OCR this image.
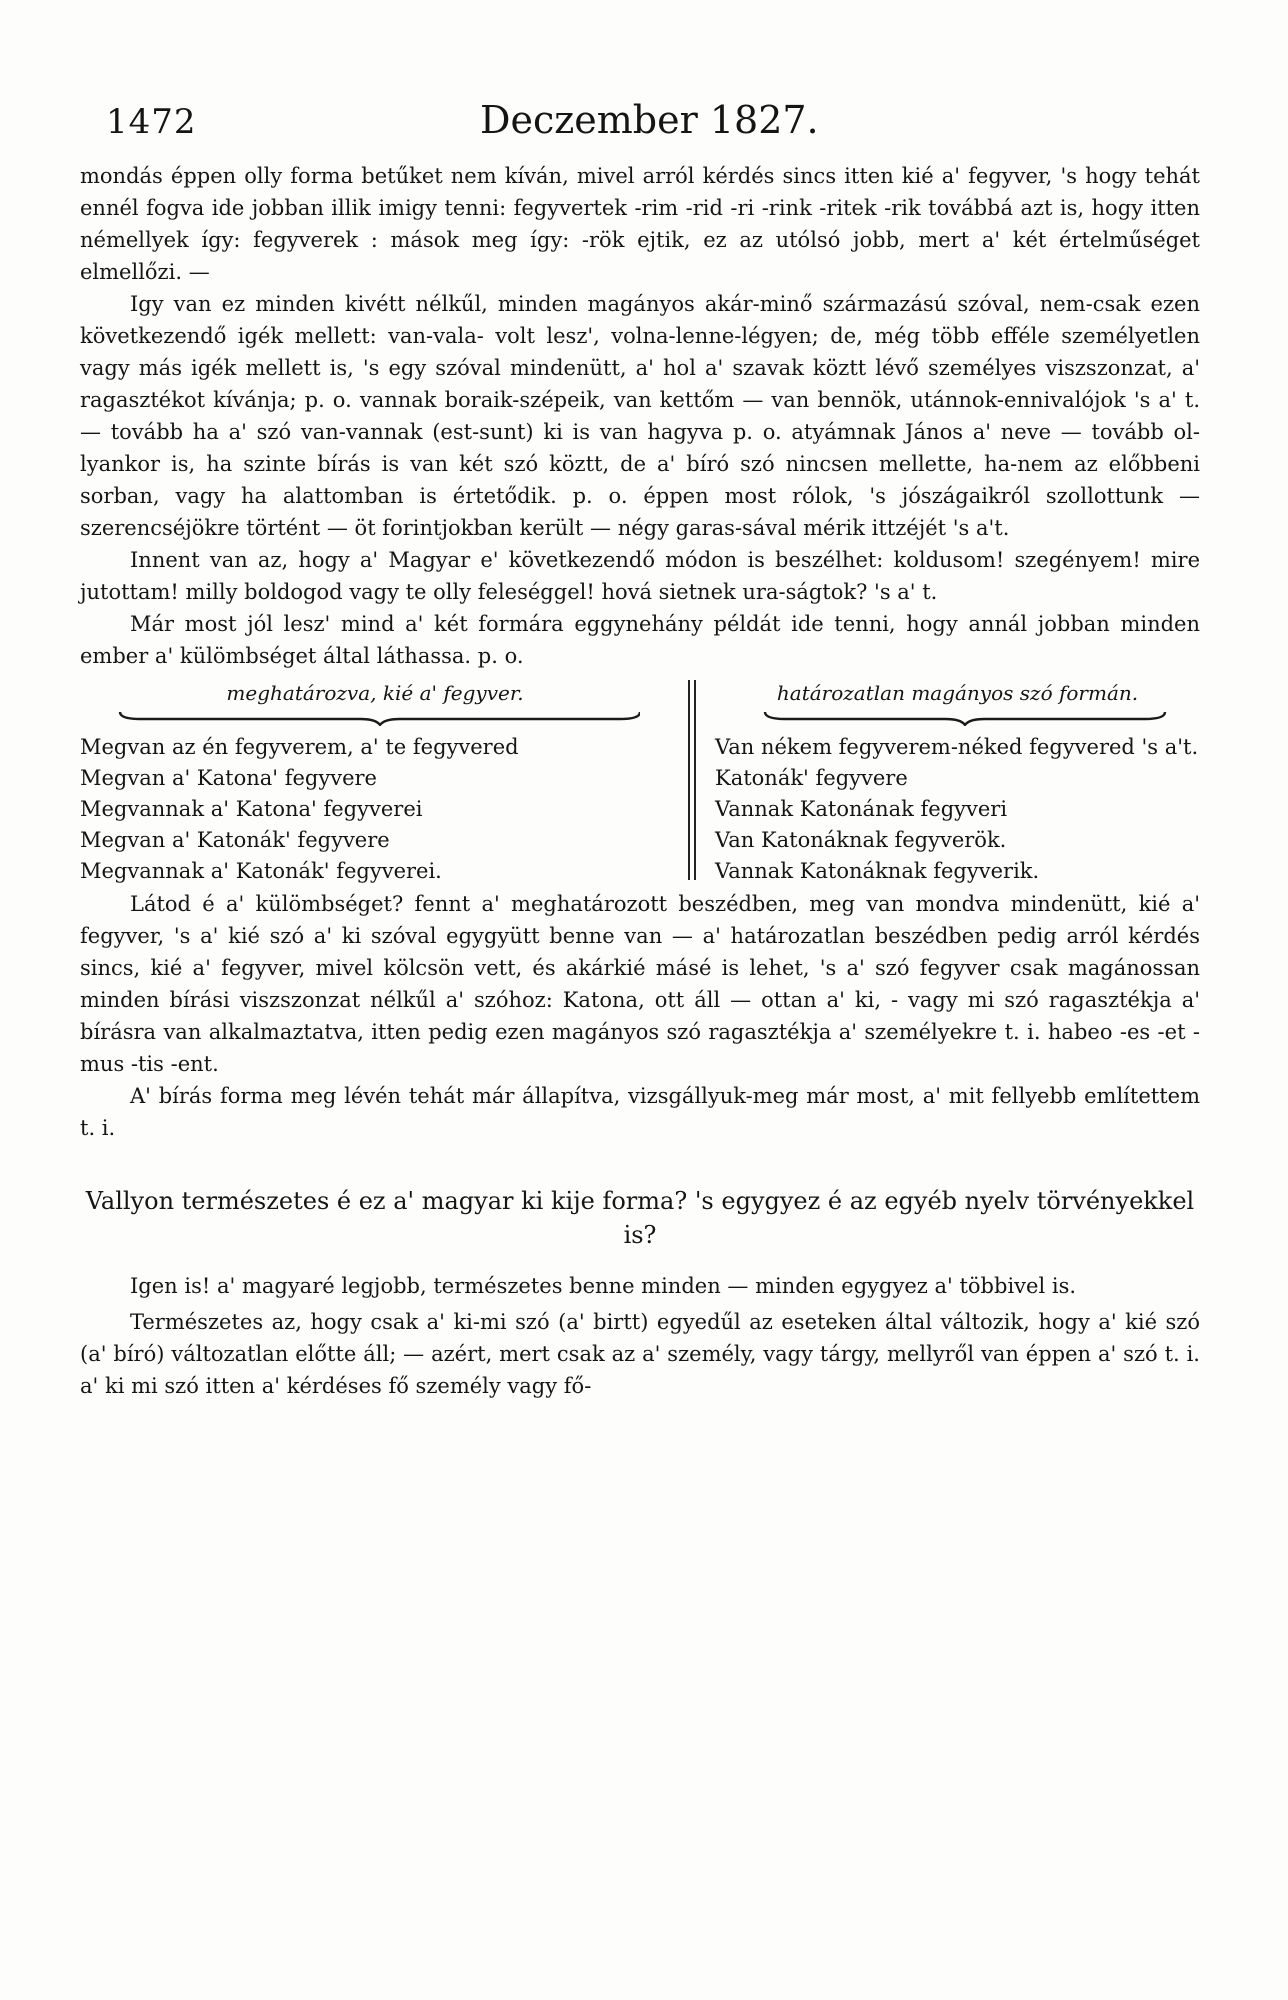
1472	Deczember 1827.

mondás éppen olly forma betűket nem kíván, mivel arról kérdés sincs itten kié a' fegyver, 's hogy tehát ennél fogva ide jobban illik imigy tenni: fegyvertek -rim -rid -ri -rink -ritek -rik továbbá azt is, hogy itten némellyek így: fegyverek : mások meg így: -rök ejtik, ez az utólsó jobb, mert a' két értelműséget elmellőzi. —

Igy van ez minden kivétt nélkűl, minden magányos akár-minő származású szóval, nem-csak ezen következendő igék mellett: van-vala- volt lesz', volna-lenne-légyen; de, még több efféle személyetlen vagy más igék mellett is, 's egy szóval mindenütt, a' hol a' szavak köztt lévő személyes viszszonzat, a' ragasztékot kívánja; p. o. vannak boraik-szépeik, van kettőm — van bennök, utánnok-ennivalójok 's a' t. — tovább ha a' szó van-vannak (est-sunt) ki is van hagyva p. o. atyámnak János a' neve — tovább ol-lyankor is, ha szinte bírás is van két szó köztt, de a' bíró szó nincsen mellette, ha-nem az előbbeni sorban, vagy ha alattomban is értetődik. p. o. éppen most rólok, 's jószágaikról szollottunk — szerencséjökre történt — öt forintjokban került — négy garas-sával mérik ittzéjét 's a't.

Innent van az, hogy a' Magyar e' következendő módon is beszélhet: koldusom! szegényem! mire jutottam! milly boldogod vagy te olly feleséggel! hová sietnek ura-ságtok? 's a' t.

Már most jól lesz' mind a' két formára eggynehány példát ide tenni, hogy annál jobban minden ember a' külömbséget által láthassa. p. o.

meghatározva, kié a' fegyver.
Megvan az én fegyverem, a' te fegyvered
Megvan a' Katona' fegyvere
Megvannak a' Katona' fegyverei
Megvan a' Katonák' fegyvere
Megvannak a' Katonák' fegyverei.
határozatlan magányos szó formán.
Van nékem fegyverem-néked fegyvered 's a't.
Katonák' fegyvere
Vannak Katonának fegyveri
Van Katonáknak fegyverök.
Vannak Katonáknak fegyverik.

Látod é a' külömbséget? fennt a' meghatározott beszédben, meg van mondva mindenütt, kié a' fegyver, 's a' kié szó a' ki szóval egygyütt benne van — a' határozatlan beszédben pedig arról kérdés sincs, kié a' fegyver, mivel kölcsön vett, és akárkié másé is lehet, 's a' szó fegyver csak magánossan minden bírási viszszonzat nélkűl a' szóhoz: Katona, ott áll — ottan a' ki, - vagy mi szó ragasztékja a' bírásra van alkalmaztatva, itten pedig ezen magányos szó ragasztékja a' személyekre t. i. habeo -es -et -mus -tis -ent.

A' bírás forma meg lévén tehát már állapítva, vizsgállyuk-meg már most, a' mit fellyebb említettem t. i.

Vallyon természetes é ez a' magyar ki kije forma? 's egygyez é az egyéb nyelv törvényekkel is?

Igen is! a' magyaré legjobb, természetes benne minden — minden egygyez a' többivel is.

Természetes az, hogy csak a' ki-mi szó (a' birtt) egyedűl az eseteken által változik, hogy a' kié szó (a' bíró) változatlan előtte áll; — azért, mert csak az a' személy, vagy tárgy, mellyről van éppen a' szó t. i. a' ki mi szó itten a' kérdéses fő személy vagy fő-
